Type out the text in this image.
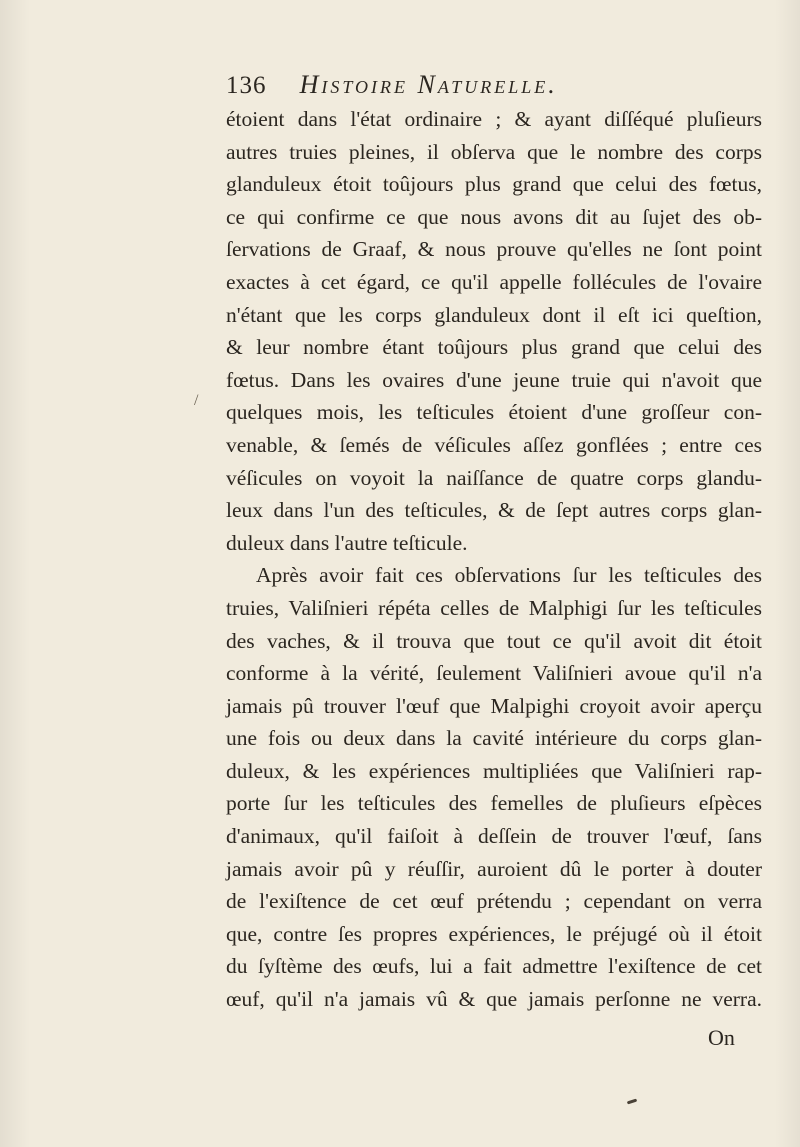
136 Histoire Naturelle.
/
étoient dans l'état ordinaire ; & ayant diſſéqué pluſieurs
autres truies pleines, il obſerva que le nombre des corps
glanduleux étoit toûjours plus grand que celui des fœtus,
ce qui confirme ce que nous avons dit au ſujet des ob-
ſervations de Graaf, & nous prouve qu'elles ne ſont point
exactes à cet égard, ce qu'il appelle follécules de l'ovaire
n'étant que les corps glanduleux dont il eſt ici queſtion,
& leur nombre étant toûjours plus grand que celui des
fœtus. Dans les ovaires d'une jeune truie qui n'avoit que
quelques mois, les teſticules étoient d'une groſſeur con-
venable, & ſemés de véſicules aſſez gonflées ; entre ces
véſicules on voyoit la naiſſance de quatre corps glandu-
leux dans l'un des teſticules, & de ſept autres corps glan-
duleux dans l'autre teſticule.
Après avoir fait ces obſervations ſur les teſticules des
truies, Valiſnieri répéta celles de Malphigi ſur les teſticules
des vaches, & il trouva que tout ce qu'il avoit dit étoit
conforme à la vérité, ſeulement Valiſnieri avoue qu'il n'a
jamais pû trouver l'œuf que Malpighi croyoit avoir aperçu
une fois ou deux dans la cavité intérieure du corps glan-
duleux, & les expériences multipliées que Valiſnieri rap-
porte ſur les teſticules des femelles de pluſieurs eſpèces
d'animaux, qu'il faiſoit à deſſein de trouver l'œuf, ſans
jamais avoir pû y réuſſir, auroient dû le porter à douter
de l'exiſtence de cet œuf prétendu ; cependant on verra
que, contre ſes propres expériences, le préjugé où il étoit
du ſyſtème des œufs, lui a fait admettre l'exiſtence de cet
œuf, qu'il n'a jamais vû & que jamais perſonne ne verra.
On
